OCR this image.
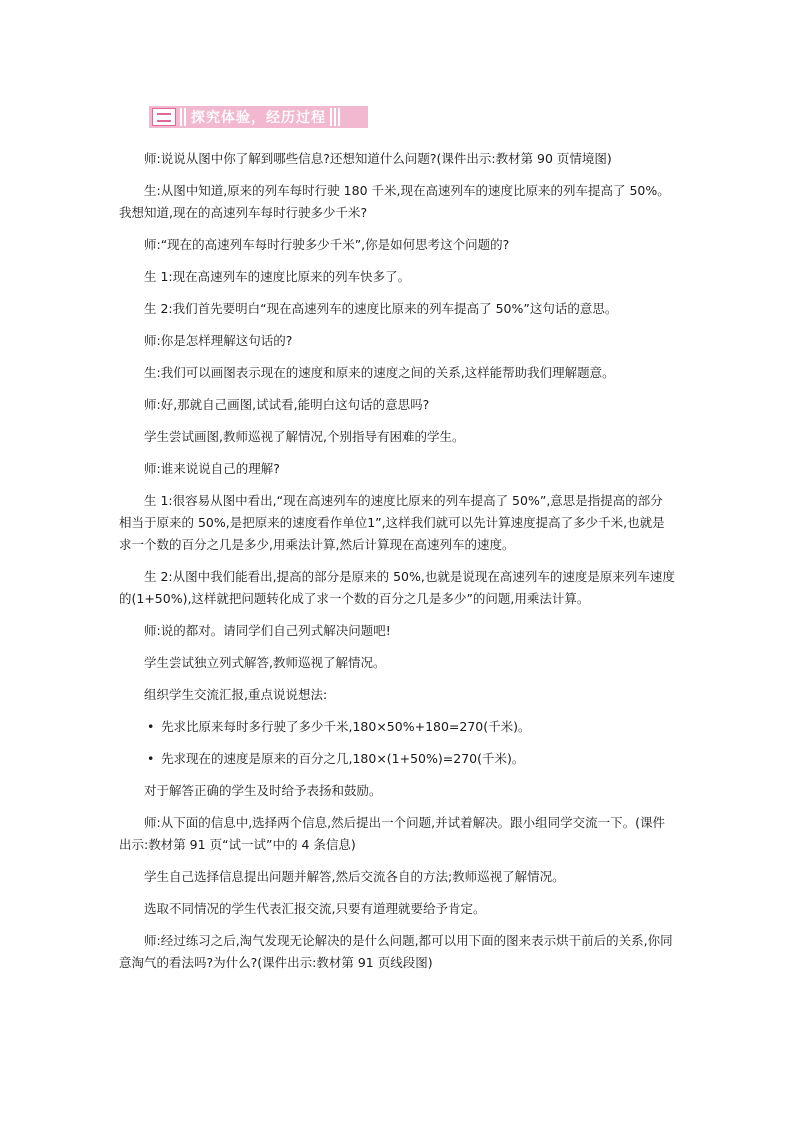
探究体验，经历过程

师:说说从图中你了解到哪些信息?还想知道什么问题?(课件出示:教材第 90 页情境图)

生:从图中知道,原来的列车每时行驶 180 千米,现在高速列车的速度比原来的列车提高了 50%。我想知道,现在的高速列车每时行驶多少千米?

师:“现在的高速列车每时行驶多少千米”,你是如何思考这个问题的?

生 1:现在高速列车的速度比原来的列车快多了。

生 2:我们首先要明白“现在高速列车的速度比原来的列车提高了 50%”这句话的意思。

师:你是怎样理解这句话的?

生:我们可以画图表示现在的速度和原来的速度之间的关系,这样能帮助我们理解题意。

师:好,那就自己画图,试试看,能明白这句话的意思吗?

学生尝试画图,教师巡视了解情况,个别指导有困难的学生。

师:谁来说说自己的理解?

生 1:很容易从图中看出,“现在高速列车的速度比原来的列车提高了 50%”,意思是指提高的部分相当于原来的 50%,是把原来的速度看作单位1”,这样我们就可以先计算速度提高了多少千米,也就是求一个数的百分之几是多少,用乘法计算,然后计算现在高速列车的速度。

生 2:从图中我们能看出,提高的部分是原来的 50%,也就是说现在高速列车的速度是原来列车速度的(1+50%),这样就把问题转化成了求一个数的百分之几是多少”的问题,用乘法计算。

师:说的都对。请同学们自己列式解决问题吧!

学生尝试独立列式解答,教师巡视了解情况。

组织学生交流汇报,重点说说想法:

• 先求比原来每时多行驶了多少千米,180×50%+180=270(千米)。

• 先求现在的速度是原来的百分之几,180×(1+50%)=270(千米)。

对于解答正确的学生及时给予表扬和鼓励。

师:从下面的信息中,选择两个信息,然后提出一个问题,并试着解决。跟小组同学交流一下。(课件出示:教材第 91 页“试一试”中的 4 条信息)

学生自己选择信息提出问题并解答,然后交流各自的方法;教师巡视了解情况。

选取不同情况的学生代表汇报交流,只要有道理就要给予肯定。

师:经过练习之后,淘气发现无论解决的是什么问题,都可以用下面的图来表示烘干前后的关系,你同意淘气的看法吗?为什么?(课件出示:教材第 91 页线段图)
